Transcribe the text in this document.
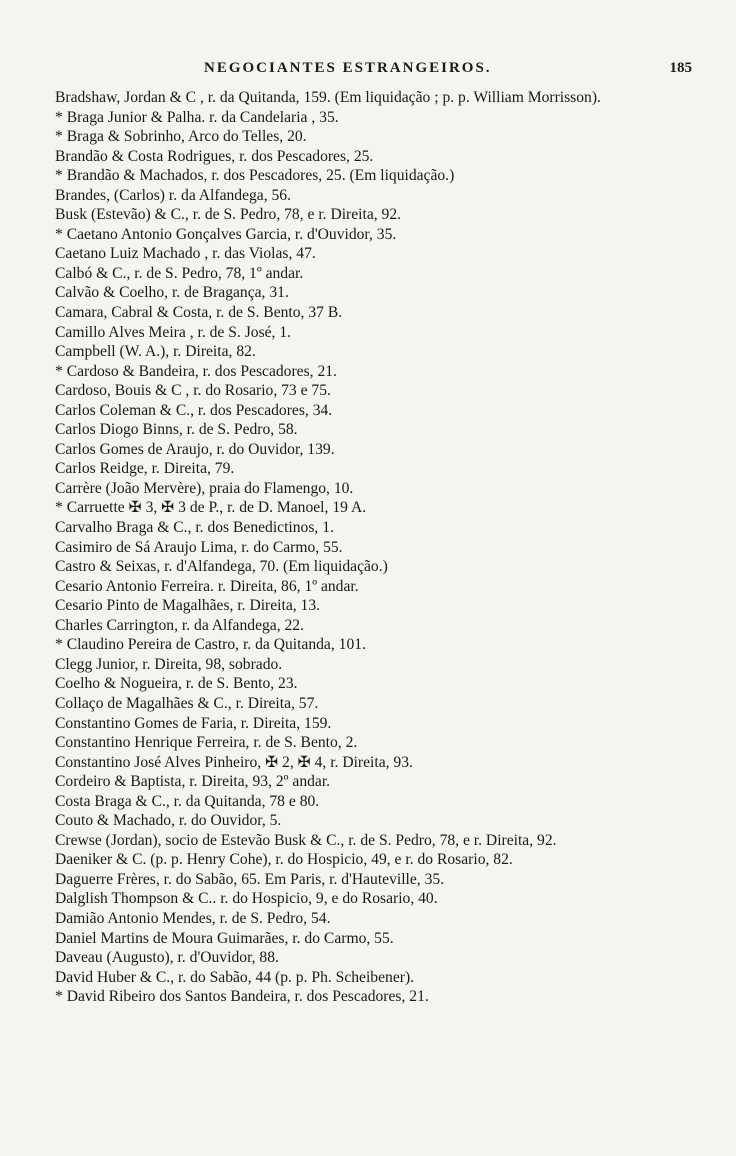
NEGOCIANTES ESTRANGEIROS.	185
Bradshaw, Jordan & C , r. da Quitanda, 159. (Em liquidação ; p. p. William Morrisson).
* Braga Junior & Palha. r. da Candelaria , 35.
* Braga & Sobrinho, Arco do Telles, 20.
Brandão & Costa Rodrigues, r. dos Pescadores, 25.
* Brandão & Machados, r. dos Pescadores, 25. (Em liquidação.)
Brandes, (Carlos) r. da Alfandega, 56.
Busk (Estevão) & C., r. de S. Pedro, 78, e r. Direita, 92.
* Caetano Antonio Gonçalves Garcia, r. d'Ouvidor, 35.
Caetano Luiz Machado , r. das Violas, 47.
Calbó & C., r. de S. Pedro, 78, 1º andar.
Calvão & Coelho, r. de Bragança, 31.
Camara, Cabral & Costa, r. de S. Bento, 37 B.
Camillo Alves Meira , r. de S. José, 1.
Campbell (W. A.), r. Direita, 82.
* Cardoso & Bandeira, r. dos Pescadores, 21.
Cardoso, Bouis & C , r. do Rosario, 73 e 75.
Carlos Coleman & C., r. dos Pescadores, 34.
Carlos Diogo Binns, r. de S. Pedro, 58.
Carlos Gomes de Araujo, r. do Ouvidor, 139.
Carlos Reidge, r. Direita, 79.
Carrère (João Mervère), praia do Flamengo, 10.
* Carruette ✠ 3, ✠ 3 de P., r. de D. Manoel, 19 A.
Carvalho Braga & C., r. dos Benedictinos, 1.
Casimiro de Sá Araujo Lima, r. do Carmo, 55.
Castro & Seixas, r. d'Alfandega, 70. (Em liquidação.)
Cesario Antonio Ferreira. r. Direita, 86, 1º andar.
Cesario Pinto de Magalhães, r. Direita, 13.
Charles Carrington, r. da Alfandega, 22.
* Claudino Pereira de Castro, r. da Quitanda, 101.
Clegg Junior, r. Direita, 98, sobrado.
Coelho & Nogueira, r. de S. Bento, 23.
Collaço de Magalhães & C., r. Direita, 57.
Constantino Gomes de Faria, r. Direita, 159.
Constantino Henrique Ferreira, r. de S. Bento, 2.
Constantino José Alves Pinheiro, ✠ 2, ✠ 4, r. Direita, 93.
Cordeiro & Baptista, r. Direita, 93, 2º andar.
Costa Braga & C., r. da Quitanda, 78 e 80.
Couto & Machado, r. do Ouvidor, 5.
Crewse (Jordan), socio de Estevão Busk & C., r. de S. Pedro, 78, e r. Direita, 92.
Daeniker & C. (p. p. Henry Cohe), r. do Hospicio, 49, e r. do Rosario, 82.
Daguerre Frères, r. do Sabão, 65. Em Paris, r. d'Hauteville, 35.
Dalglish Thompson & C.. r. do Hospicio, 9, e do Rosario, 40.
Damião Antonio Mendes, r. de S. Pedro, 54.
Daniel Martins de Moura Guimarães, r. do Carmo, 55.
Daveau (Augusto), r. d'Ouvidor, 88.
David Huber & C., r. do Sabão, 44 (p. p. Ph. Scheibener).
* David Ribeiro dos Santos Bandeira, r. dos Pescadores, 21.
